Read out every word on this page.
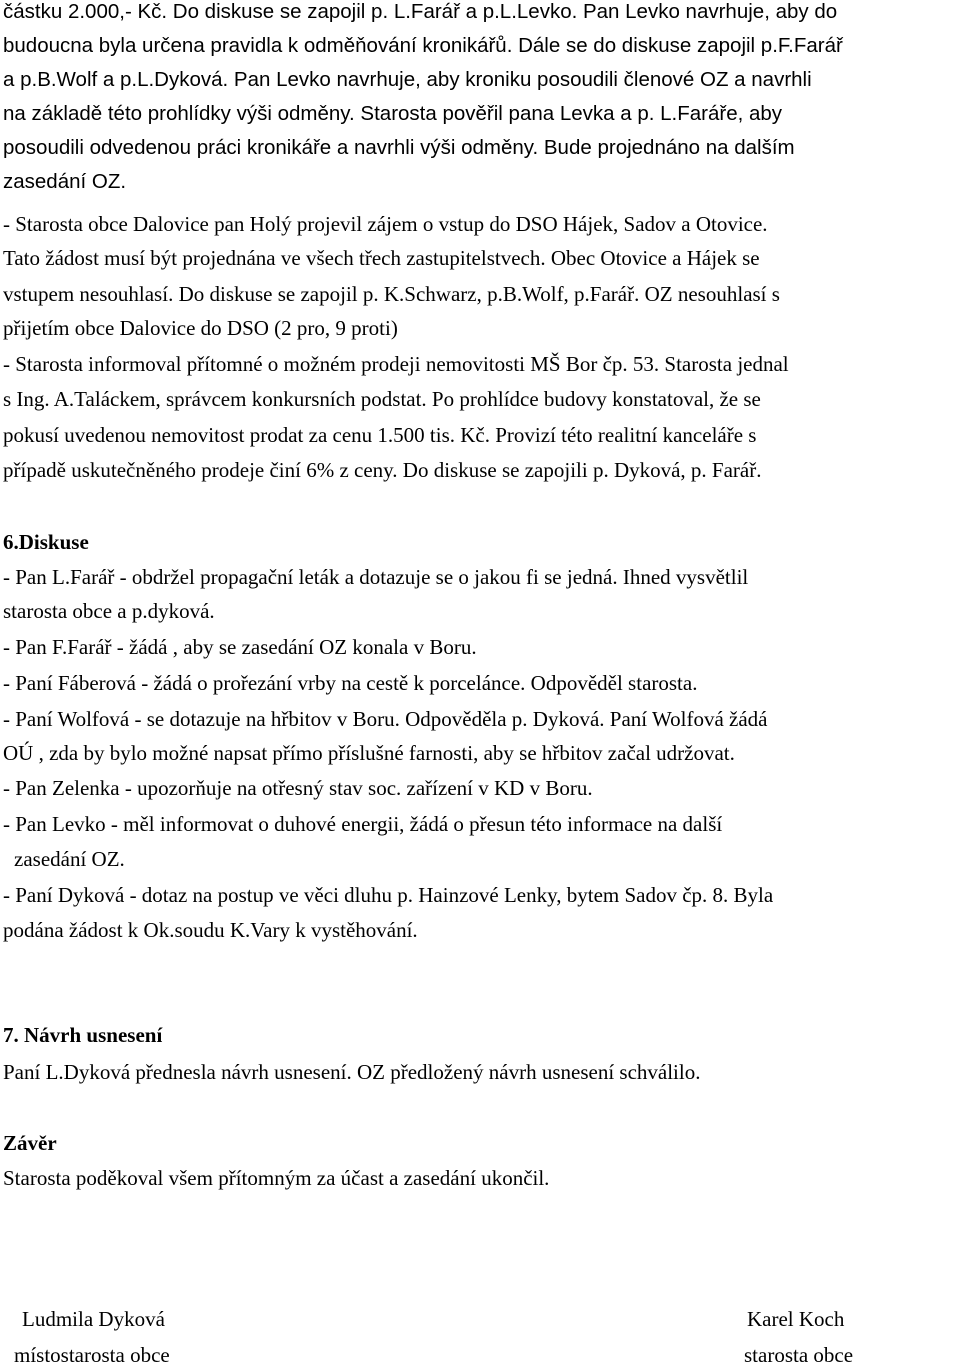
částku 2.000,- Kč. Do diskuse se zapojil p. L.Farář a p.L.Levko. Pan Levko navrhuje, aby do
budoucna byla určena pravidla k odměňování kronikářů. Dále se do diskuse zapojil p.F.Farář
a p.B.Wolf a p.L.Dyková. Pan Levko navrhuje, aby kroniku posoudili členové OZ a navrhli
na základě této prohlídky výši odměny. Starosta pověřil pana Levka a p. L.Faráře, aby
posoudili odvedenou práci kronikáře a navrhli výši odměny. Bude projednáno na dalším
zasedání OZ.
- Starosta obce Dalovice pan Holý projevil zájem o vstup do DSO Hájek, Sadov a Otovice.
Tato žádost musí být projednána ve všech třech zastupitelstvech. Obec Otovice a Hájek se
vstupem nesouhlasí. Do diskuse se zapojil p. K.Schwarz, p.B.Wolf, p.Farář. OZ nesouhlasí s
přijetím obce Dalovice do DSO (2 pro, 9 proti)
- Starosta informoval přítomné o možném prodeji nemovitosti MŠ Bor čp. 53. Starosta jednal
s Ing. A.Taláckem, správcem konkursních podstat. Po prohlídce budovy konstatoval, že se
pokusí uvedenou nemovitost prodat za cenu 1.500 tis. Kč. Provizí této realitní kanceláře s
případě uskutečněného prodeje činí 6% z ceny. Do diskuse se zapojili p. Dyková, p. Farář.
6.Diskuse
- Pan L.Farář - obdržel propagační leták a dotazuje se o jakou fi se jedná. Ihned vysvětlil
starosta obce a p.dyková.
- Pan F.Farář - žádá , aby se zasedání OZ konala v Boru.
- Paní Fáberová - žádá o prořezání vrby na cestě k porcelánce. Odpověděl starosta.
- Paní Wolfová - se dotazuje na hřbitov v Boru. Odpověděla p. Dyková. Paní Wolfová žádá
OÚ , zda by bylo možné napsat přímo příslušné farnosti, aby se hřbitov začal udržovat.
- Pan Zelenka - upozorňuje na otřesný stav soc. zařízení v KD v Boru.
- Pan Levko - měl informovat o duhové energii, žádá o přesun této informace na další
zasedání OZ.
- Paní Dyková - dotaz na postup ve věci dluhu p. Hainzové Lenky, bytem Sadov čp. 8. Byla
podána žádost k Ok.soudu K.Vary k vystěhování.
7. Návrh usnesení
Paní L.Dyková přednesla návrh usnesení. OZ předložený návrh usnesení schválilo.
Závěr
Starosta poděkoval všem přítomným za účast a zasedání ukončil.
Ludmila Dyková
místostarosta obce
Karel Koch
starosta obce
